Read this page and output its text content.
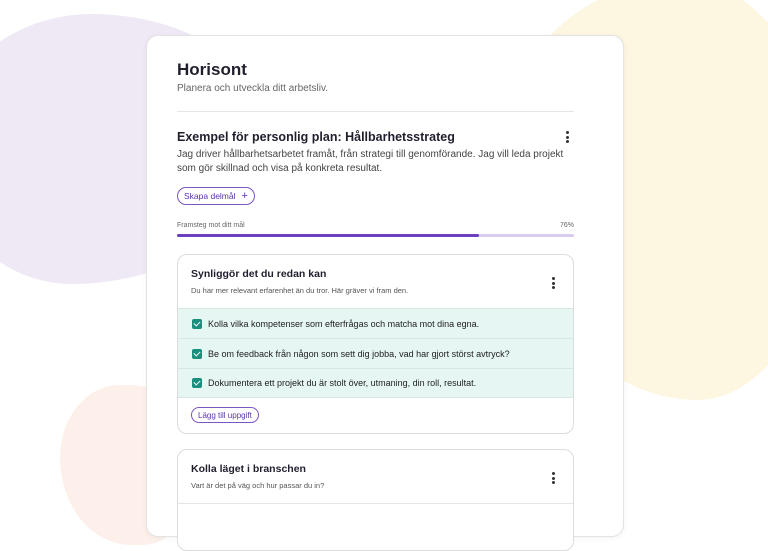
Horisont
Planera och utveckla ditt arbetsliv.
Exempel för personlig plan: Hållbarhetsstrateg
Jag driver hållbarhetsarbetet framåt, från strategi till genomförande. Jag vill leda projekt som gör skillnad och visa på konkreta resultat.
Skapa delmål +
Framsteg mot ditt mål	76%
Synliggör det du redan kan
Du har mer relevant erfarenhet än du tror. Här gräver vi fram den.
Kolla vilka kompetenser som efterfrågas och matcha mot dina egna.
Be om feedback från någon som sett dig jobba, vad har gjort störst avtryck?
Dokumentera ett projekt du är stolt över, utmaning, din roll, resultat.
Lägg till uppgift
Kolla läget i branschen
Vart är det på väg och hur passar du in?
